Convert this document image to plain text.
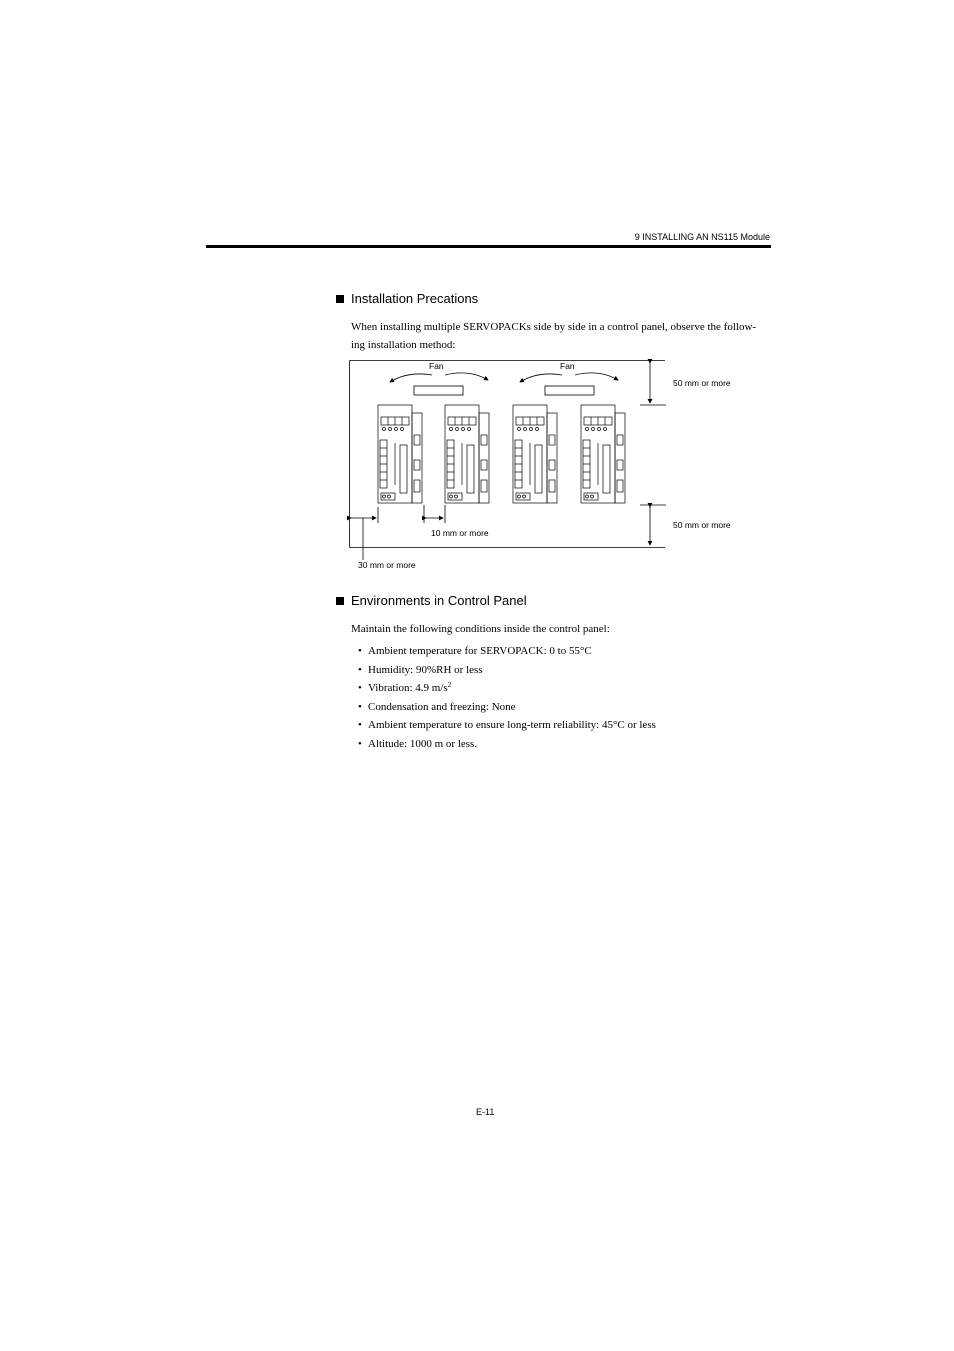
9 INSTALLING AN NS115 Module
Installation Precations
When installing multiple SERVOPACKs side by side in a control panel, observe the follow-
ing installation method:
Fan	Fan
50 mm or more
50 mm or more
30 mm or more
10 mm or more
Environments in Control Panel
Maintain the following conditions inside the control panel:
• Ambient temperature for SERVOPACK: 0 to 55°C
• Humidity: 90%RH or less
• Vibration: 4.9 $m/s^2$
• Condensation and freezing: None
• Ambient temperature to ensure long-term reliability: 45°C or less
• Altitude: 1000 m or less.
E-11
